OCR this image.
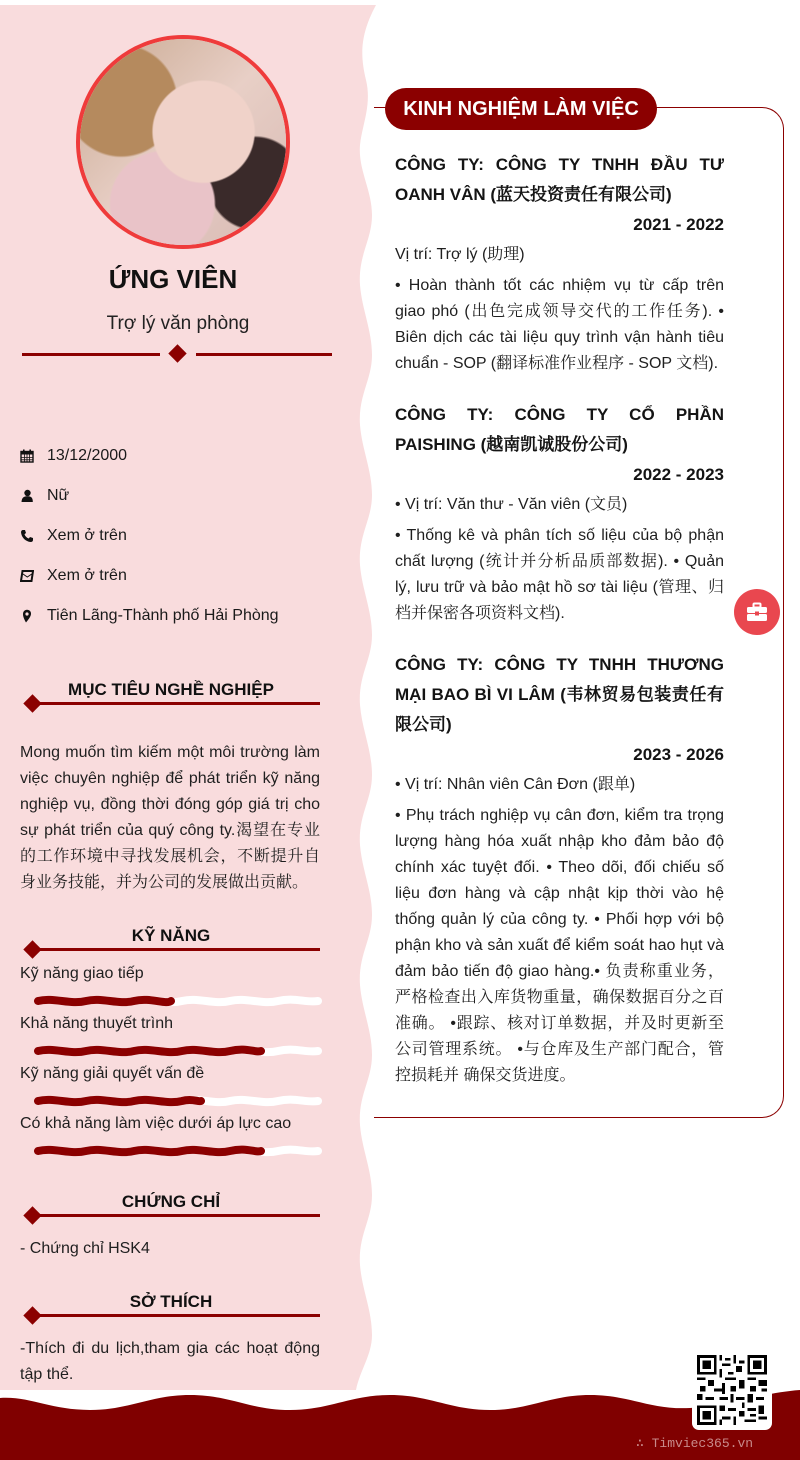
ỨNG VIÊN
Trợ lý văn phòng
13/12/2000
Nữ
Xem ở trên
Xem ở trên
Tiên Lãng-Thành phố Hải Phòng
MỤC TIÊU NGHỀ NGHIỆP
Mong muốn tìm kiếm một môi trường làm việc chuyên nghiệp để phát triển kỹ năng nghiệp vụ, đồng thời đóng góp giá trị cho sự phát triển của quý công ty.渴望在专业的工作环境中寻找发展机会，不断提升自身业务技能，并为公司的发展做出贡献。
KỸ NĂNG
Kỹ năng giao tiếp
Khả năng thuyết trình
Kỹ năng giải quyết vấn đề
Có khả năng làm việc dưới áp lực cao
CHỨNG CHỈ
- Chứng chỉ HSK4
SỞ THÍCH
-Thích đi du lịch,tham gia các hoạt động tập thể.
KINH NGHIỆM LÀM VIỆC
CÔNG TY: CÔNG TY TNHH ĐẦU TƯ OANH VÂN (蓝天投资责任有限公司)
2021 - 2022
Vị trí: Trợ lý (助理)
• Hoàn thành tốt các nhiệm vụ từ cấp trên giao phó (出色完成领导交代的工作任务). • Biên dịch các tài liệu quy trình vận hành tiêu chuẩn - SOP (翻译标准作业程序 - SOP 文档).
CÔNG TY: CÔNG TY CỔ PHẦN PAISHING (越南凯诚股份公司)
2022 - 2023
• Vị trí: Văn thư - Văn viên (文员)
• Thống kê và phân tích số liệu của bộ phận chất lượng (统计并分析品质部数据). • Quản lý, lưu trữ và bảo mật hồ sơ tài liệu (管理、归档并保密各项资料文档).
CÔNG TY: CÔNG TY TNHH THƯƠNG MẠI BAO BÌ VI LÂM (韦林贸易包装责任有限公司)
2023 - 2026
• Vị trí: Nhân viên Cân Đơn (跟单)
• Phụ trách nghiệp vụ cân đơn, kiểm tra trọng lượng hàng hóa xuất nhập kho đảm bảo độ chính xác tuyệt đối. • Theo dõi, đối chiếu số liệu đơn hàng và cập nhật kịp thời vào hệ thống quản lý của công ty. • Phối hợp với bộ phận kho và sản xuất để kiểm soát hao hụt và đảm bảo tiến độ giao hàng.• 负责称重业务，严格检查出入库货物重量，确保数据百分之百准确。 •跟踪、核对订单数据，并及时更新至公司管理系统。 •与仓库及生产部门配合，管控损耗并 确保交货进度。
∴ Timviec365.vn
